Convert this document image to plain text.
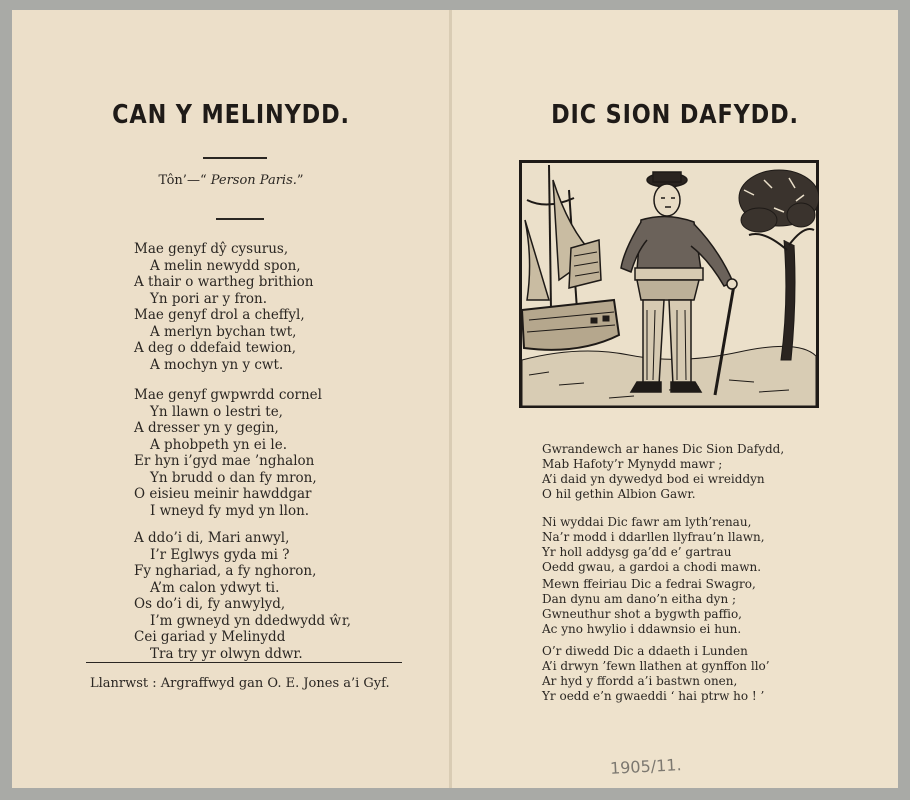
CAN Y MELINYDD.
Tôn’—“ Person Paris.”
Mae genyf dŷ cysurus,
A melin newydd spon,
A thair o wartheg brithion
Yn pori ar y fron.
Mae genyf drol a cheffyl,
A merlyn bychan twt,
A deg o ddefaid tewion,
A mochyn yn y cwt.
Mae genyf gwpwrdd cornel
Yn llawn o lestri te,
A dresser yn y gegin,
A phobpeth yn ei le.
Er hyn i’gyd mae ’nghalon
Yn brudd o dan fy mron,
O eisieu meinir hawddgar
I wneyd fy myd yn llon.
A ddo’i di, Mari anwyl,
I’r Eglwys gyda mi ?
Fy nghariad, a fy nghoron,
A’m calon ydwyt ti.
Os do’i di, fy anwylyd,
I’m gwneyd yn ddedwydd ŵr,
Cei gariad y Melinydd
Tra try yr olwyn ddwr.
Llanrwst : Argraffwyd gan O. E. Jones a’i Gyf.
DIC SION DAFYDD.
Gwrandewch ar hanes Dic Sion Dafydd,
Mab Hafoty’r Mynydd mawr ;
A’i daid yn dywedyd bod ei wreiddyn
O hil gethin Albion Gawr.
Ni wyddai Dic fawr am lyth’renau,
Na’r modd i ddarllen llyfrau’n llawn,
Yr holl addysg ga’dd e’ gartrau
Oedd gwau, a gardoi a chodi mawn.
Mewn ffeiriau Dic a fedrai Swagro,
Dan dynu am dano’n eitha dyn ;
Gwneuthur shot a bygwth paffio,
Ac yno hwylio i ddawnsio ei hun.
O’r diwedd Dic a ddaeth i Lunden
A’i drwyn ’fewn llathen at gynffon llo’
Ar hyd y ffordd a’i bastwn onen,
Yr oedd e’n gwaeddi ‘ hai ptrw ho ! ’
1905/11.
